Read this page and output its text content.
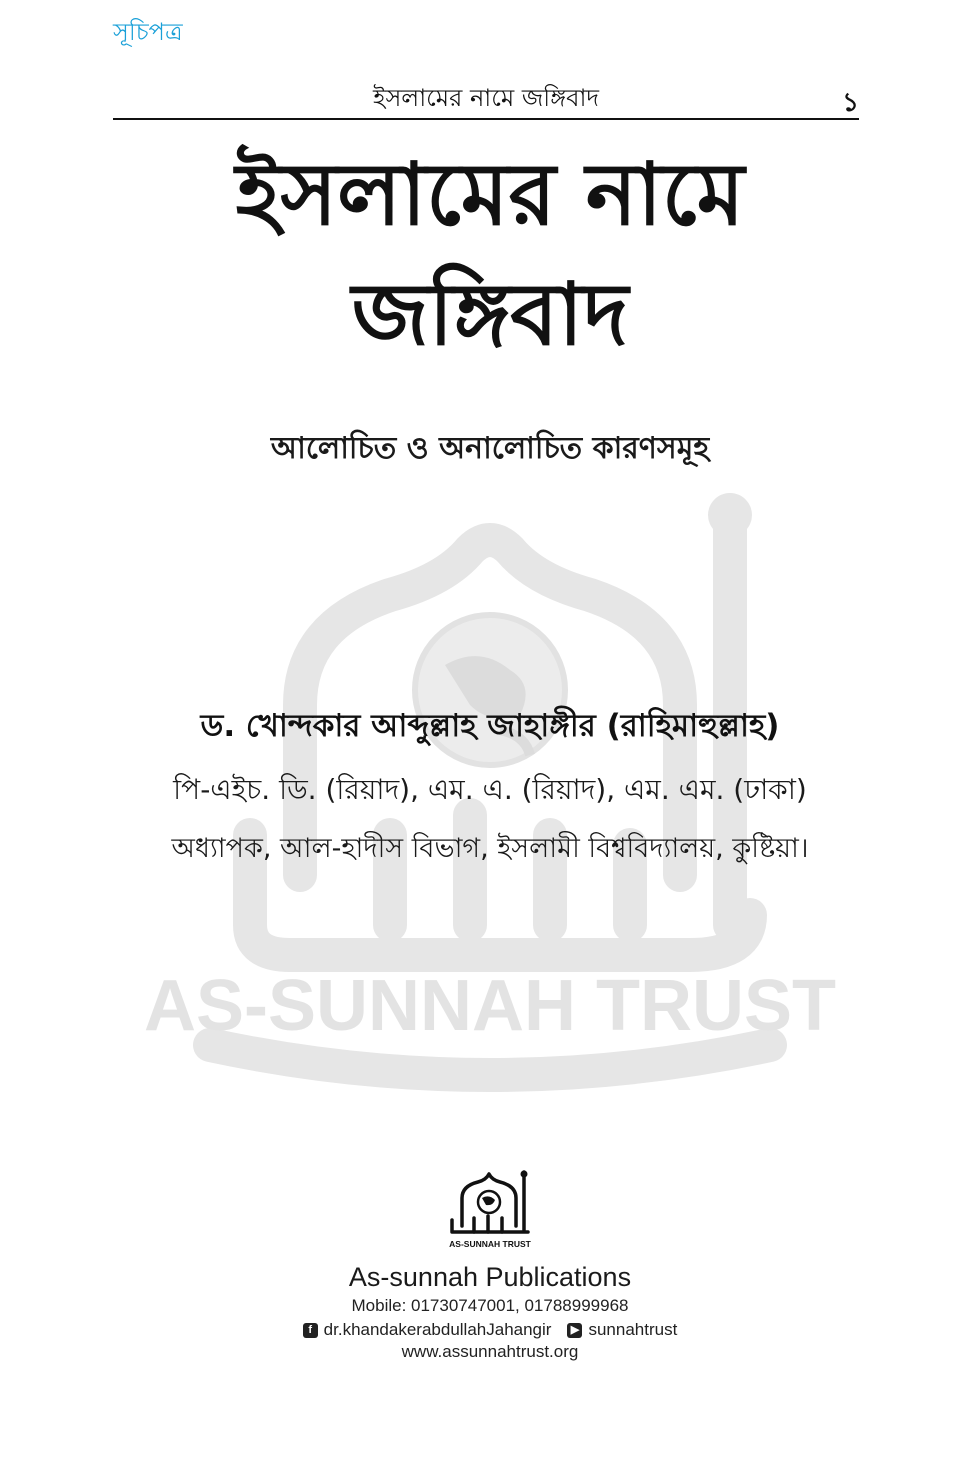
সূচিপত্র
ইসলামের নামে জঙ্গিবাদ	১
AS-SUNNAH TRUST
ইসলামের নামে
জঙ্গিবাদ
আলোচিত ও অনালোচিত কারণসমূহ
ড. খোন্দকার আব্দুল্লাহ জাহাঙ্গীর (রাহিমাহুল্লাহ)
পি-এইচ. ডি. (রিয়াদ), এম. এ. (রিয়াদ), এম. এম. (ঢাকা)
অধ্যাপক, আল-হাদীস বিভাগ, ইসলামী বিশ্ববিদ্যালয়, কুষ্টিয়া।
AS-SUNNAH TRUST
As-sunnah Publications
Mobile: 01730747001, 01788999968
f dr.khandakerabdullahJahangir ▶ sunnahtrust
www.assunnahtrust.org
